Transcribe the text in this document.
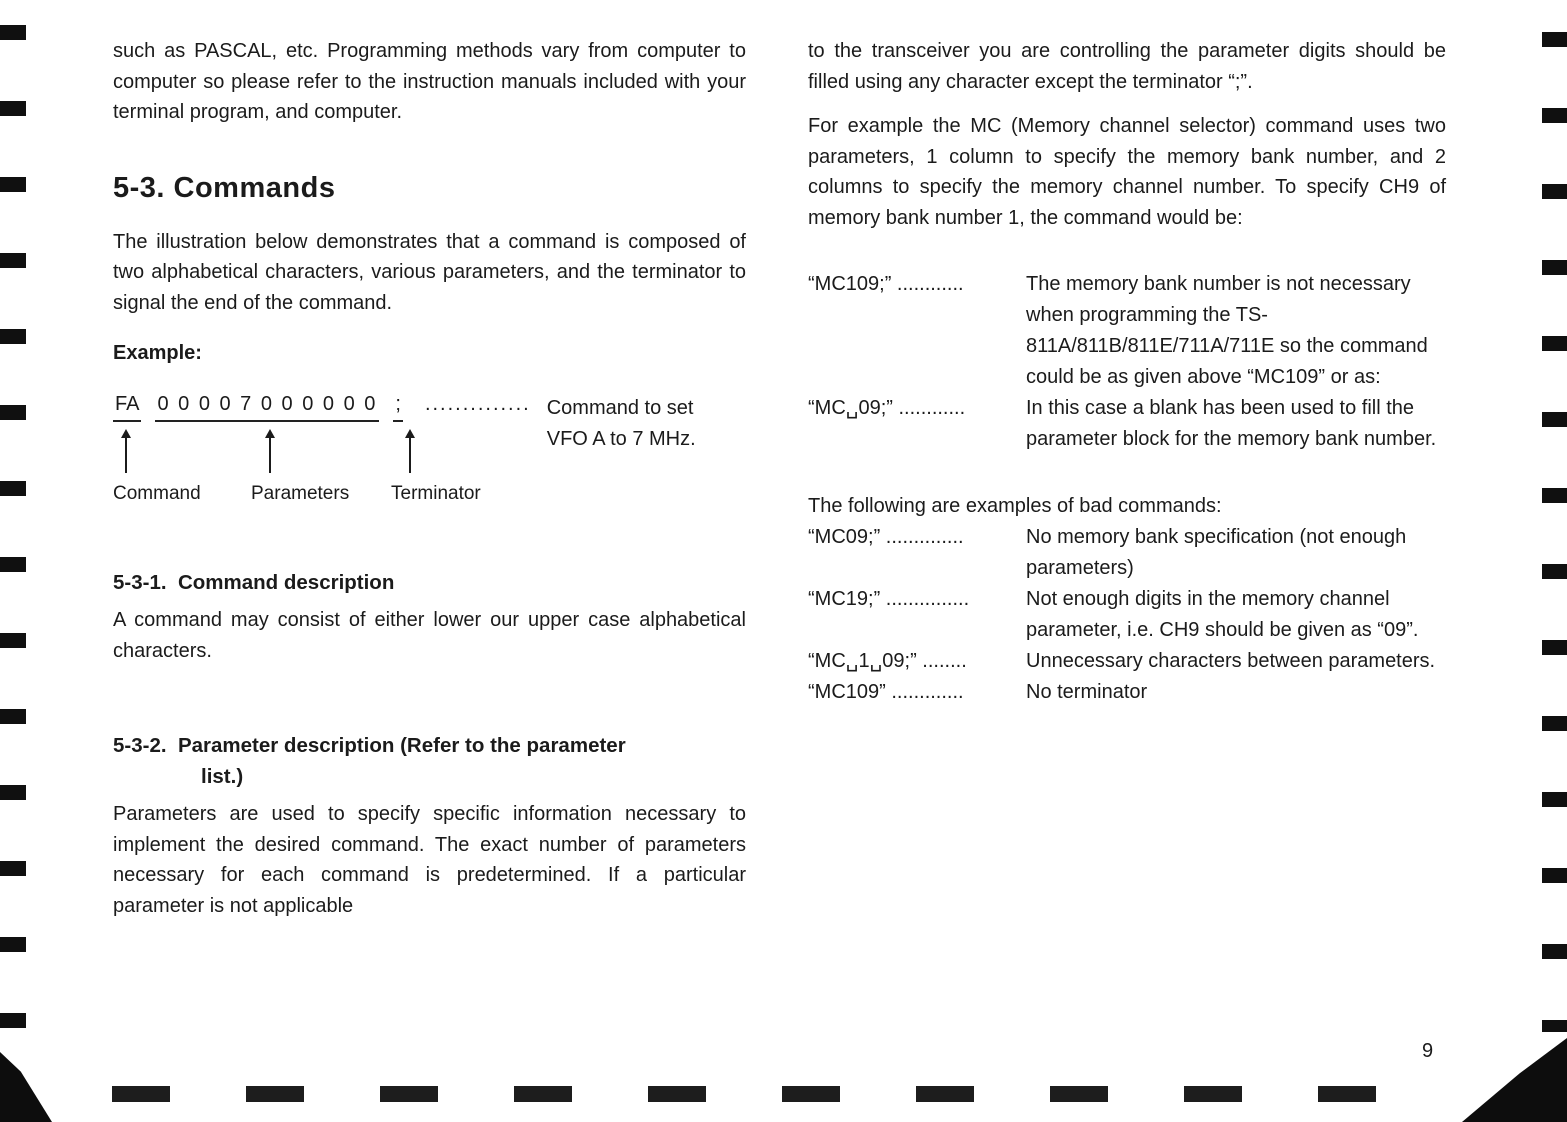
such as PASCAL, etc. Programming methods vary from computer to computer so please refer to the instruction manuals included with your terminal program, and computer.

5-3. Commands

The illustration below demonstrates that a command is composed of two alphabetical characters, various parameters, and the terminator to signal the end of the command.

Example:
FA 0 0 0 0 7 0 0 0 0 0 0 ; .............. Command to set VFO A to 7 MHz.
Command	Parameters Terminator
5-3-1.  Command description

A command may consist of either lower our upper case alphabetical characters.

5-3-2.  Parameter description (Refer to the parameter
list.)

Parameters are used to specify specific information necessary to implement the desired command. The exact number of parameters necessary for each command is predetermined. If a particular parameter is not applicable

to the transceiver you are controlling the parameter digits should be filled using any character except the terminator “;”.

For example the MC (Memory channel selector) command uses two parameters, 1 column to specify the memory bank number, and 2 columns to specify the memory channel number. To specify CH9 of memory bank number 1, the command would be:

“MC109;” ............	The memory bank number is not necessary when programming the TS-811A/811B/811E/711A/711E so the command could be as given above “MC109” or as:
“MC␣09;” ............	In this case a blank has been used to fill the parameter block for the memory bank number.

The following are examples of bad commands:

“MC09;” ..............	No memory bank specification (not enough parameters)
“MC19;” ...............	Not enough digits in the memory channel parameter, i.e. CH9 should be given as “09”.
“MC␣1␣09;” ........	Unnecessary characters between parameters.
“MC109” .............	No terminator
9
